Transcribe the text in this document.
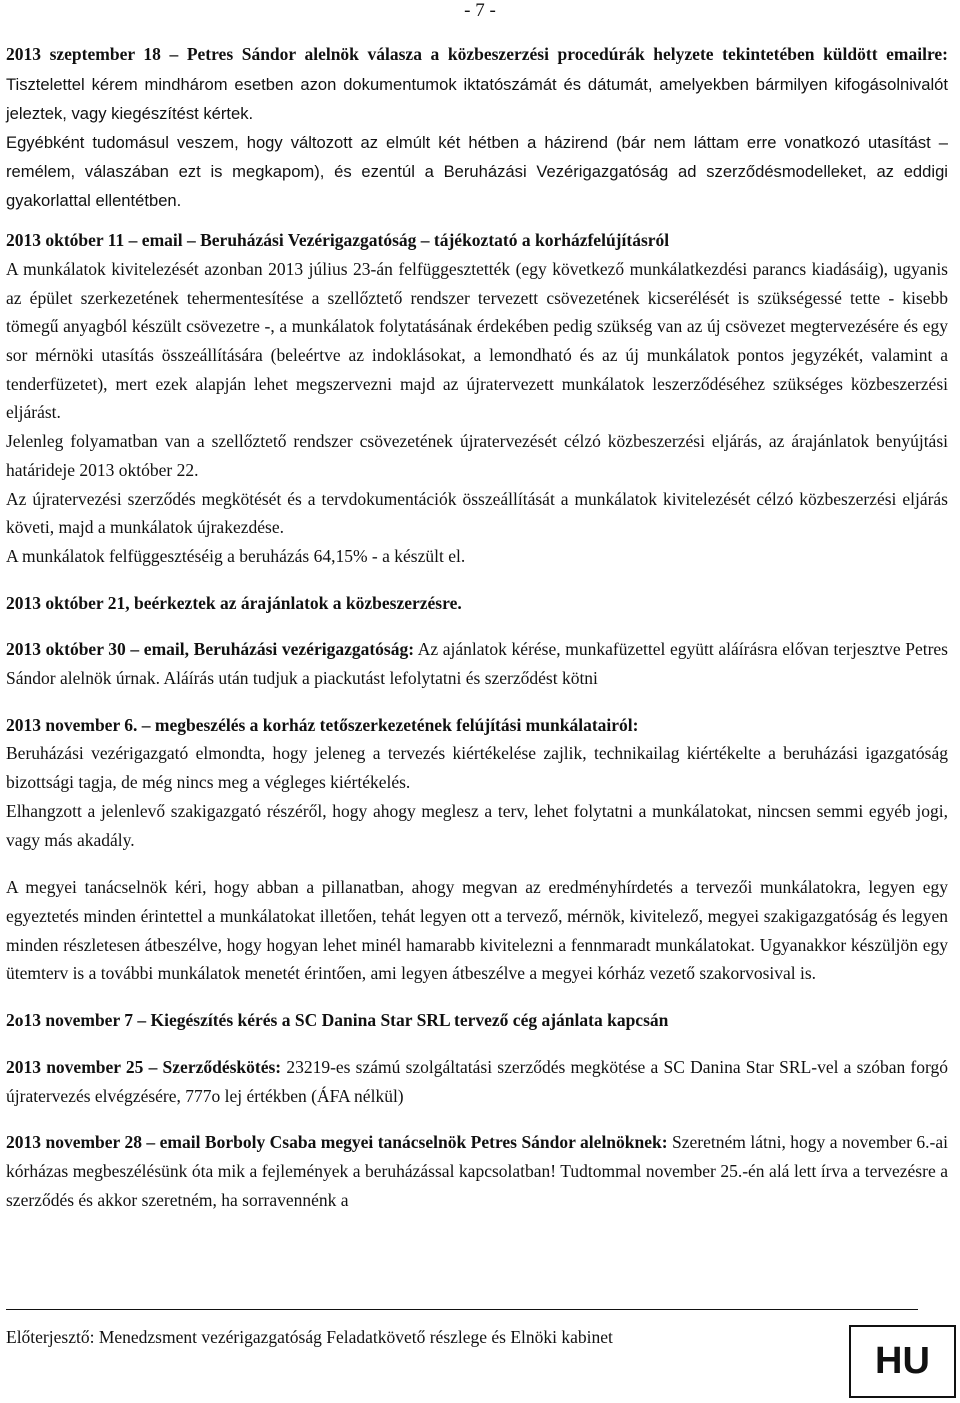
- 7 -

2013 szeptember 18 – Petres Sándor alelnök válasza a közbeszerzési procedúrák helyzete tekintetében küldött emailre: Tisztelettel kérem mindhárom esetben azon dokumentumok iktatószámát és dátumát, amelyekben bármilyen kifogásolnivalót jeleztek, vagy kiegészítést kértek.

Egyébként tudomásul veszem, hogy változott az elmúlt két hétben a házirend (bár nem láttam erre vonatkozó utasítást – remélem, válaszában ezt is megkapom), és ezentúl a Beruházási Vezérigazgatóság ad szerződésmodelleket, az eddigi gyakorlattal ellentétben.

2013 október 11 – email – Beruházási Vezérigazgatóság – tájékoztató a korházfelújításról

A munkálatok kivitelezését azonban 2013 július 23-án felfüggesztették (egy következő munkálatkezdési parancs kiadásáig), ugyanis az épület szerkezetének tehermentesítése a szellőztető rendszer tervezett csövezetének kicserélését is szükségessé tette - kisebb tömegű anyagból készült csövezetre -, a munkálatok folytatásának érdekében pedig szükség van az új csövezet megtervezésére és egy sor mérnöki utasítás összeállítására (beleértve az indoklásokat, a lemondható és az új munkálatok pontos jegyzékét, valamint a tenderfüzetet), mert ezek alapján lehet megszervezni majd az újratervezett munkálatok leszerződéséhez szükséges közbeszerzési eljárást.

Jelenleg folyamatban van a szellőztető rendszer csövezetének újratervezését célzó közbeszerzési eljárás, az árajánlatok benyújtási határideje 2013 október 22.

Az újratervezési szerződés megkötését és a tervdokumentációk összeállítását a munkálatok kivitelezését célzó közbeszerzési eljárás követi, majd a munkálatok újrakezdése.

A munkálatok felfüggesztéséig a beruházás 64,15% - a készült el.

2013 október 21, beérkeztek az árajánlatok a közbeszerzésre.

2013 október 30 – email, Beruházási vezérigazgatóság: Az ajánlatok kérése, munkafüzettel együtt aláírásra elővan terjesztve Petres Sándor alelnök úrnak. Aláírás után tudjuk a piackutást lefolytatni és szerződést kötni

2013 november 6. – megbeszélés a korház tetőszerkezetének felújítási munkálatairól:

Beruházási vezérigazgató elmondta, hogy jeleneg a tervezés kiértékelése zajlik, technikailag kiértékelte a beruházási igazgatóság bizottsági tagja, de még nincs meg a végleges kiértékelés.

Elhangzott a jelenlevő szakigazgató részéről, hogy ahogy meglesz a terv, lehet folytatni a munkálatokat, nincsen semmi egyéb jogi, vagy más akadály.

A megyei tanácselnök kéri, hogy abban a pillanatban, ahogy megvan az eredményhírdetés a tervezői munkálatokra, legyen egy egyeztetés minden érintettel a munkálatokat illetően, tehát legyen ott a tervező, mérnök, kivitelező, megyei szakigazgatóság és legyen minden részletesen átbeszélve, hogy hogyan lehet minél hamarabb kivitelezni a fennmaradt munkálatokat. Ugyanakkor készüljön egy ütemterv is a további munkálatok menetét érintően, ami legyen átbeszélve a megyei kórház vezető szakorvosival is.

2o13 november 7 – Kiegészítés kérés a SC Danina Star SRL tervező cég ajánlata kapcsán

2013 november 25 – Szerződéskötés: 23219-es számú szolgáltatási szerződés megkötése a SC Danina Star SRL-vel a szóban forgó újratervezés elvégzésére, 777o lej értékben (ÁFA nélkül)

2013 november 28 – email Borboly Csaba megyei tanácselnök Petres Sándor alelnöknek: Szeretném látni, hogy a november 6.-ai kórházas megbeszélésünk óta mik a fejlemények a beruházással kapcsolatban! Tudtommal november 25.-én alá lett írva a tervezésre a szerződés és akkor szeretném, ha sorravennénk a

Előterjesztő: Menedzsment vezérigazgatóság Feladatkövető részlege és Elnöki kabinet
HU
